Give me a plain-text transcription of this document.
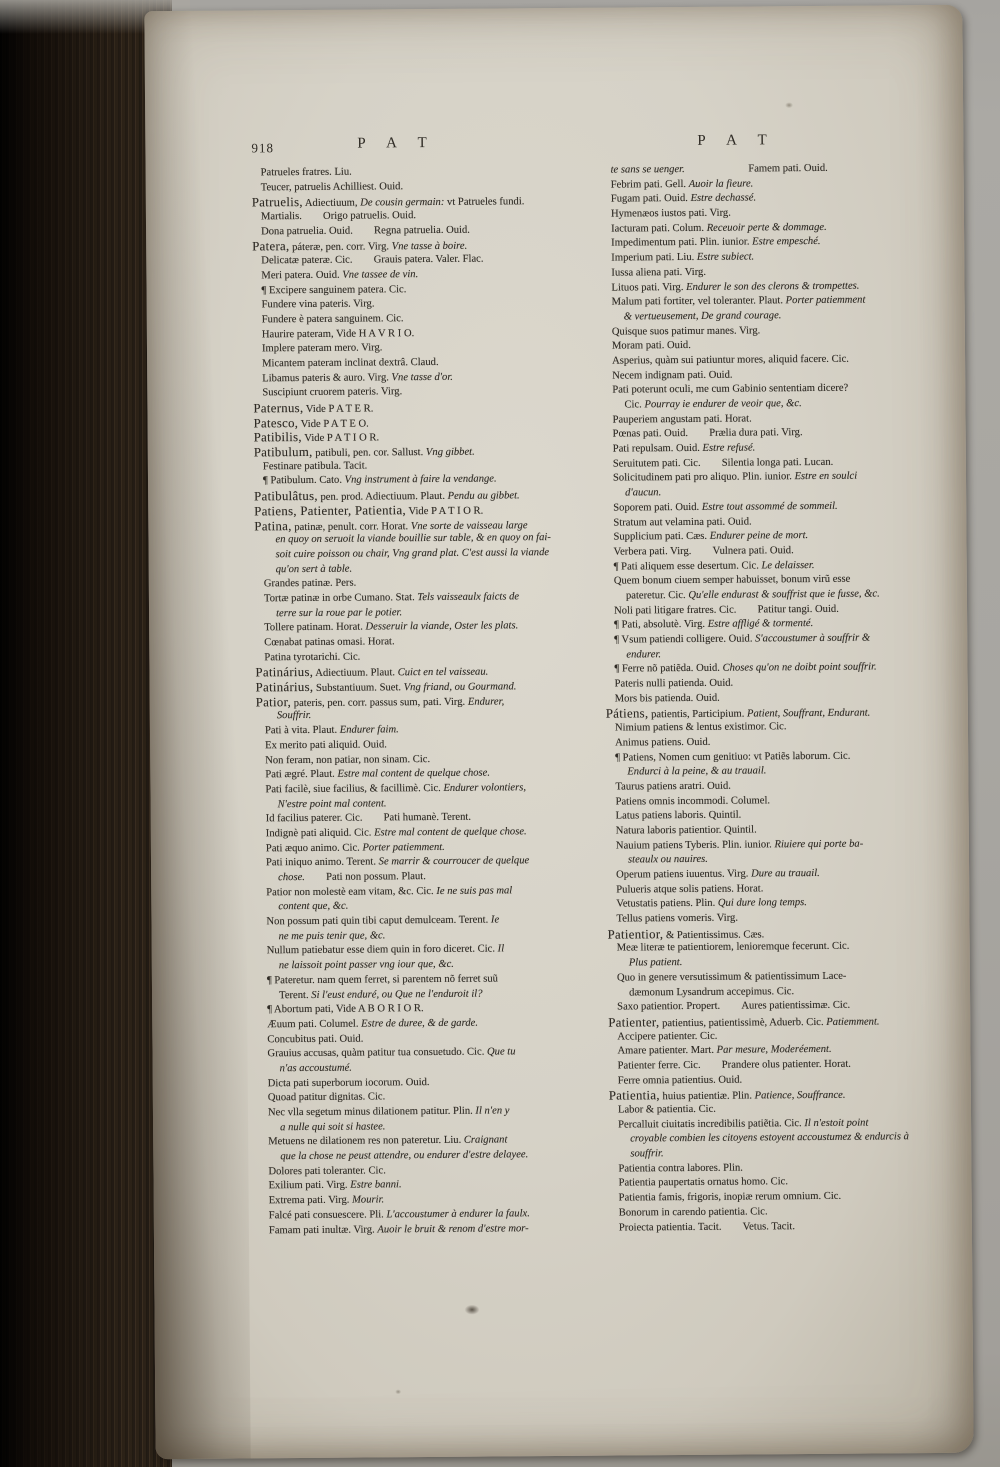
918	P A T	P A T
Patrueles fratres. Liu.
Teucer, patruelis Achilliest. Ouid.
Patruelis, Adiectiuum, De cousin germain: vt Patrueles fundi.
Martialis.  Origo patruelis. Ouid.
Dona patruelia. Ouid.  Regna patruelia. Ouid.
Patera, páteræ, pen. corr. Virg. Vne tasse à boire.
Delicatæ pateræ. Cic.  Grauis patera. Valer. Flac.
Meri patera. Ouid. Vne tassee de vin.
¶ Excipere sanguinem patera. Cic.
Fundere vina pateris. Virg.
Fundere è patera sanguinem. Cic.
Haurire pateram, Vide H A V R I O.
Implere pateram mero. Virg.
Micantem pateram inclinat dextrâ. Claud.
Libamus pateris & auro. Virg. Vne tasse d'or.
Suscipiunt cruorem pateris. Virg.
Paternus, Vide P A T E R.
Patesco, Vide P A T E O.
Patibilis, Vide P A T I O R.
Patibulum, patibuli, pen. cor. Sallust. Vng gibbet.
Festinare patibula. Tacit.
¶ Patibulum. Cato. Vng instrument à faire la vendange.
Patibulâtus, pen. prod. Adiectiuum. Plaut. Pendu au gibbet.
Patiens, Patienter, Patientia, Vide P A T I O R.
Patina, patinæ, penult. corr. Horat. Vne sorte de vaisseau large
en quoy on seruoit la viande bouillie sur table, & en quoy on fai-
soit cuire poisson ou chair, Vng grand plat. C'est aussi la viande
qu'on sert à table.
Grandes patinæ. Pers.
Tortæ patinæ in orbe Cumano. Stat. Tels vaisseaulx faicts de
terre sur la roue par le potier.
Tollere patinam. Horat. Desseruir la viande, Oster les plats.
Cœnabat patinas omasi. Horat.
Patina tyrotarichi. Cic.
Patinárius, Adiectiuum. Plaut. Cuict en tel vaisseau.
Patinárius, Substantiuum. Suet. Vng friand, ou Gourmand.
Patior, pateris, pen. corr. passus sum, pati. Virg. Endurer,
Souffrir.
Pati à vita. Plaut. Endurer faim.
Ex merito pati aliquid. Ouid.
Non feram, non patiar, non sinam. Cic.
Pati ægré. Plaut. Estre mal content de quelque chose.
Pati facilè, siue facilius, & facillimè. Cic. Endurer volontiers,
N'estre point mal content.
Id facilius paterer. Cic.  Pati humanè. Terent.
Indignè pati aliquid. Cic. Estre mal content de quelque chose.
Pati æquo animo. Cic. Porter patiemment.
Pati iniquo animo. Terent. Se marrir & courroucer de quelque
chose.  Pati non possum. Plaut.
Patior non molestè eam vitam, &c. Cic. Ie ne suis pas mal
content que, &c.
Non possum pati quin tibi caput demulceam. Terent. Ie
ne me puis tenir que, &c.
Nullum patiebatur esse diem quin in foro diceret. Cic. Il
ne laissoit point passer vng iour que, &c.
¶ Pateretur. nam quem ferret, si parentem nõ ferret suũ
Terent. Si l'eust enduré, ou Que ne l'enduroit il?
¶ Abortum pati, Vide A B O R I O R.
Æuum pati. Columel. Estre de duree, & de garde.
Concubitus pati. Ouid.
Grauius accusas, quàm patitur tua consuetudo. Cic. Que tu
n'as accoustumé.
Dicta pati superborum iocorum. Ouid.
Quoad patitur dignitas. Cic.
Nec vlla segetum minus dilationem patitur. Plin. Il n'en y
a nulle qui soit si hastee.
Metuens ne dilationem res non pateretur. Liu. Craignant
que la chose ne peust attendre, ou endurer d'estre delayee.
Dolores pati toleranter. Cic.
Exilium pati. Virg. Estre banni.
Extrema pati. Virg. Mourir.
Falcé pati consuescere. Pli. L'accoustumer à endurer la faulx.
Famam pati inultæ. Virg. Auoir le bruit & renom d'estre mor-
te sans se uenger.      Famem pati. Ouid.
Febrim pati. Gell. Auoir la fieure.
Fugam pati. Ouid. Estre dechassé.
Hymenæos iustos pati. Virg.
Iacturam pati. Colum. Receuoir perte & dommage.
Impedimentum pati. Plin. iunior. Estre empesché.
Imperium pati. Liu. Estre subiect.
Iussa aliena pati. Virg.
Lituos pati. Virg. Endurer le son des clerons & trompettes.
Malum pati fortiter, vel toleranter. Plaut. Porter patiemment
& vertueusement, De grand courage.
Quisque suos patimur manes. Virg.
Moram pati. Ouid.
Asperius, quàm sui patiuntur mores, aliquid facere. Cic.
Necem indignam pati. Ouid.
Pati poterunt oculi, me cum Gabinio sententiam dicere?
Cic. Pourray ie endurer de veoir que, &c.
Pauperiem angustam pati. Horat.
Pœnas pati. Ouid.  Prælia dura pati. Virg.
Pati repulsam. Ouid. Estre refusé.
Seruitutem pati. Cic.  Silentia longa pati. Lucan.
Solicitudinem pati pro aliquo. Plin. iunior. Estre en soulci
d'aucun.
Soporem pati. Ouid. Estre tout assommé de sommeil.
Stratum aut velamina pati. Ouid.
Supplicium pati. Cæs. Endurer peine de mort.
Verbera pati. Virg.  Vulnera pati. Ouid.
¶ Pati aliquem esse desertum. Cic. Le delaisser.
Quem bonum ciuem semper habuisset, bonum virũ esse
pateretur. Cic. Qu'elle endurast & souffrist que ie fusse, &c.
Noli pati litigare fratres. Cic.  Patitur tangi. Ouid.
¶ Pati, absolutè. Virg. Estre affligé & tormenté.
¶ Vsum patiendi colligere. Ouid. S'accoustumer à souffrir &
endurer.
¶ Ferre nõ patiẽda. Ouid. Choses qu'on ne doibt point souffrir.
Pateris nulli patienda. Ouid.
Mors bis patienda. Ouid.
Pátiens, patientis, Participium. Patient, Souffrant, Endurant.
Nimium patiens & lentus existimor. Cic.
Animus patiens. Ouid.
¶ Patiens, Nomen cum genitiuo: vt Patiẽs laborum. Cic.
Endurci à la peine, & au trauail.
Taurus patiens aratri. Ouid.
Patiens omnis incommodi. Columel.
Latus patiens laboris. Quintil.
Natura laboris patientior. Quintil.
Nauium patiens Tyberis. Plin. iunior. Riuiere qui porte ba-
steaulx ou nauires.
Operum patiens iuuentus. Virg. Dure au trauail.
Pulueris atque solis patiens. Horat.
Vetustatis patiens. Plin. Qui dure long temps.
Tellus patiens vomeris. Virg.
Patientior, & Patientissimus. Cæs.
Meæ literæ te patientiorem, lenioremque fecerunt. Cic.
Plus patient.
Quo in genere versutissimum & patientissimum Lace-
dæmonum Lysandrum accepimus. Cic.
Saxo patientior. Propert.  Aures patientissimæ. Cic.
Patienter, patientius, patientissimè, Aduerb. Cic. Patiemment.
Accipere patienter. Cic.
Amare patienter. Mart. Par mesure, Moderéement.
Patienter ferre. Cic.  Prandere olus patienter. Horat.
Ferre omnia patientius. Ouid.
Patientia, huius patientiæ. Plin. Patience, Souffrance.
Labor & patientia. Cic.
Percalluit ciuitatis incredibilis patiẽtia. Cic. Il n'estoit point
croyable combien les citoyens estoyent accoustumez & endurcis à
souffrir.
Patientia contra labores. Plin.
Patientia paupertatis ornatus homo. Cic.
Patientia famis, frigoris, inopiæ rerum omnium. Cic.
Bonorum in carendo patientia. Cic.
Proiecta patientia. Tacit.  Vetus. Tacit.
